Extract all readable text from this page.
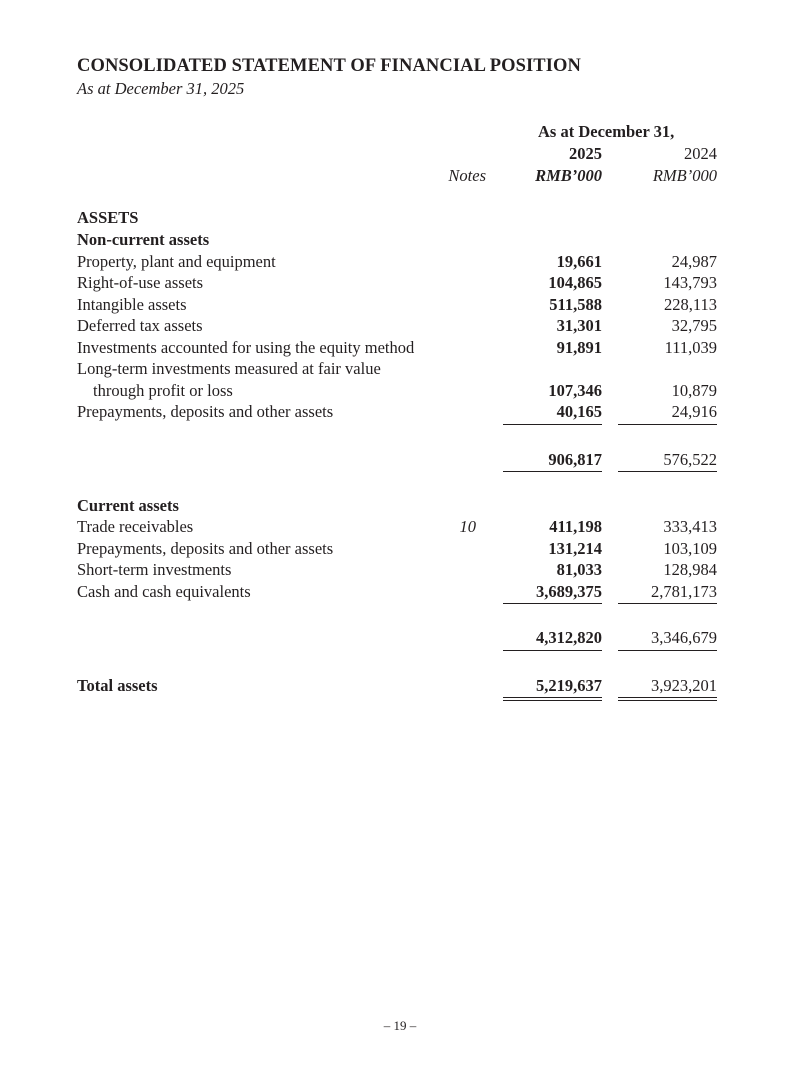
CONSOLIDATED STATEMENT OF FINANCIAL POSITION
As at December 31, 2025
As at December 31,
2025	2024
Notes	RMB’000	RMB’000
ASSETS
Non-current assets
Property, plant and equipment	19,661	24,987
Right-of-use assets	104,865	143,793
Intangible assets	511,588	228,113
Deferred tax assets	31,301	32,795
Investments accounted for using the equity method	91,891	111,039
Long-term investments measured at fair value
through profit or loss	107,346	10,879
Prepayments, deposits and other assets	40,165	24,916
906,817	576,522
Current assets
Trade receivables	10	411,198	333,413
Prepayments, deposits and other assets	131,214	103,109
Short-term investments	81,033	128,984
Cash and cash equivalents	3,689,375	2,781,173
4,312,820	3,346,679
Total assets	5,219,637	3,923,201
– 19 –
